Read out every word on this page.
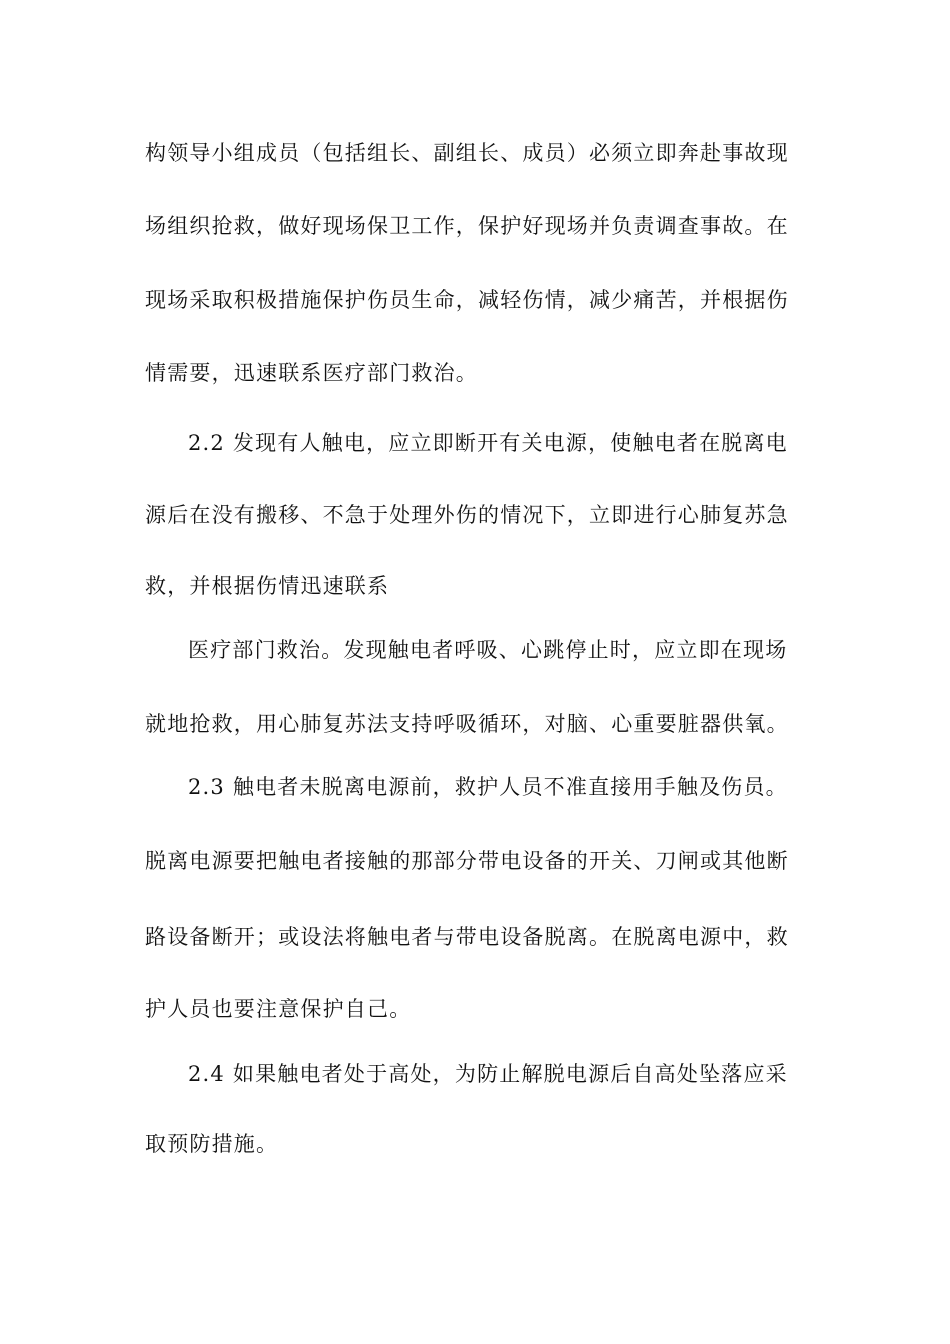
构领导小组成员（包括组长、副组长、成员）必须立即奔赴事故现
场组织抢救，做好现场保卫工作，保护好现场并负责调查事故。在
现场采取积极措施保护伤员生命，减轻伤情，减少痛苦，并根据伤
情需要，迅速联系医疗部门救治。
2.2 发现有人触电，应立即断开有关电源，使触电者在脱离电
源后在没有搬移、不急于处理外伤的情况下，立即进行心肺复苏急
救，并根据伤情迅速联系
医疗部门救治。发现触电者呼吸、心跳停止时，应立即在现场
就地抢救，用心肺复苏法支持呼吸循环，对脑、心重要脏器供氧。
2.3 触电者未脱离电源前，救护人员不准直接用手触及伤员。
脱离电源要把触电者接触的那部分带电设备的开关、刀闸或其他断
路设备断开；或设法将触电者与带电设备脱离。在脱离电源中，救
护人员也要注意保护自己。
2.4 如果触电者处于高处，为防止解脱电源后自高处坠落应采
取预防措施。
